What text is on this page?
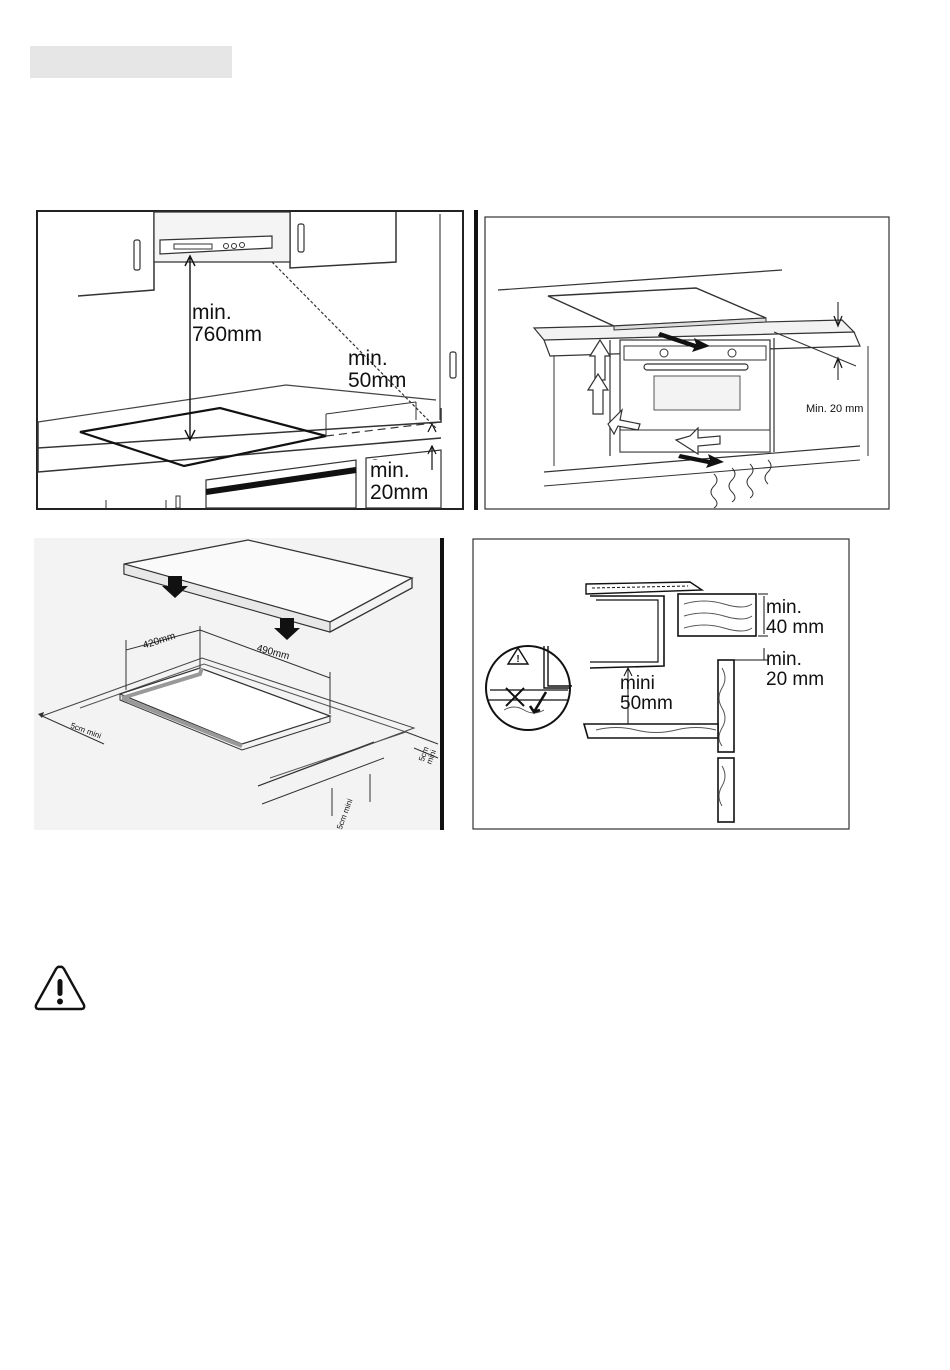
min.
760mm
min.
50mm
min.
20mm
Min. 20 mm
420mm
490mm
5cm mini
5cm mini
5cm mini
!
min.
40 mm
min.
20 mm
mini
50mm
